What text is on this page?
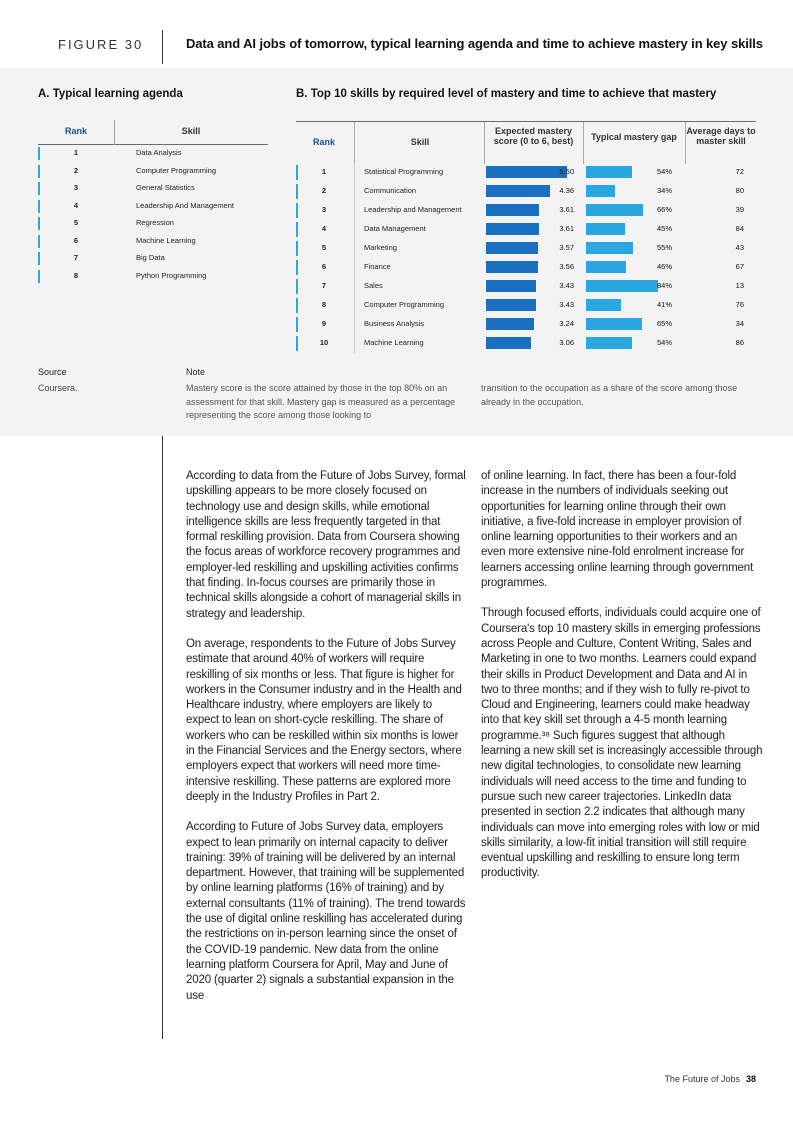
FIGURE 30	Data and AI jobs of tomorrow, typical learning agenda and time to achieve mastery in key skills
A. Typical learning agenda	B. Top 10 skills by required level of mastery and time to achieve that mastery
Rank	Skill
1	Data Analysis
2	Computer Programming
3	General Statistics
4	Leadership And Management
5	Regression
6	Machine Learning
7	Big Data
8	Python Programming
Rank	Skill
Expected mastery score (0 to 6, best)	Typical mastery gap
Average days to master skill
1	Statistical Programming	5.50	54%	72
2	Communication	4.36	34%	80
3	Leadership and Management	3.61	66%	39
4	Data Management	3.61	45%	84
5	Marketing	3.57	55%	43
6	Finance	3.56	46%	67
7	Sales	3.43	84%	13
8	Computer Programming	3.43	41%	76
9	Business Analysis	3.24	65%	34
10	Machine Learning	3.06	54%	86
Source
Coursera.
Note
Mastery score is the score attained by those in the top 80% on an assessment for that skill. Mastery gap is measured as a percentage representing the score among those looking to
transition to the occupation as a share of the score among those already in the occupation.

According to data from the Future of Jobs Survey, formal upskilling appears to be more closely focused on technology use and design skills, while emotional intelligence skills are less frequently targeted in that formal reskilling provision. Data from Coursera showing the focus areas of workforce recovery programmes and employer-led reskilling and upskilling activities confirms that finding. In-focus courses are primarily those in technical skills alongside a cohort of managerial skills in strategy and leadership.

On average, respondents to the Future of Jobs Survey estimate that around 40% of workers will require reskilling of six months or less. That figure is higher for workers in the Consumer industry and in the Health and Healthcare industry, where employers are likely to expect to lean on short-cycle reskilling. The share of workers who can be reskilled within six months is lower in the Financial Services and the Energy sectors, where employers expect that workers will need more time-intensive reskilling. These patterns are explored more deeply in the Industry Profiles in Part 2.

According to Future of Jobs Survey data, employers expect to lean primarily on internal capacity to deliver training: 39% of training will be delivered by an internal department. However, that training will be supplemented by online learning platforms (16% of training) and by external consultants (11% of training). The trend towards the use of digital online reskilling has accelerated during the restrictions on in-person learning since the onset of the COVID-19 pandemic. New data from the online learning platform Coursera for April, May and June of 2020 (quarter 2) signals a substantial expansion in the use

of online learning. In fact, there has been a four-fold increase in the numbers of individuals seeking out opportunities for learning online through their own initiative, a five-fold increase in employer provision of online learning opportunities to their workers and an even more extensive nine-fold enrolment increase for learners accessing online learning through government programmes.

Through focused efforts, individuals could acquire one of Coursera's top 10 mastery skills in emerging professions across People and Culture, Content Writing, Sales and Marketing in one to two months. Learners could expand their skills in Product Development and Data and AI in two to three months; and if they wish to fully re-pivot to Cloud and Engineering, learners could make headway into that key skill set through a 4-5 month learning programme.³⁸ Such figures suggest that although learning a new skill set is increasingly accessible through new digital technologies, to consolidate new learning individuals will need access to the time and funding to pursue such new career trajectories. LinkedIn data presented in section 2.2 indicates that although many individuals can move into emerging roles with low or mid skills similarity, a low-fit initial transition will still require eventual upskilling and reskilling to ensure long term productivity.

The Future of Jobs 38
